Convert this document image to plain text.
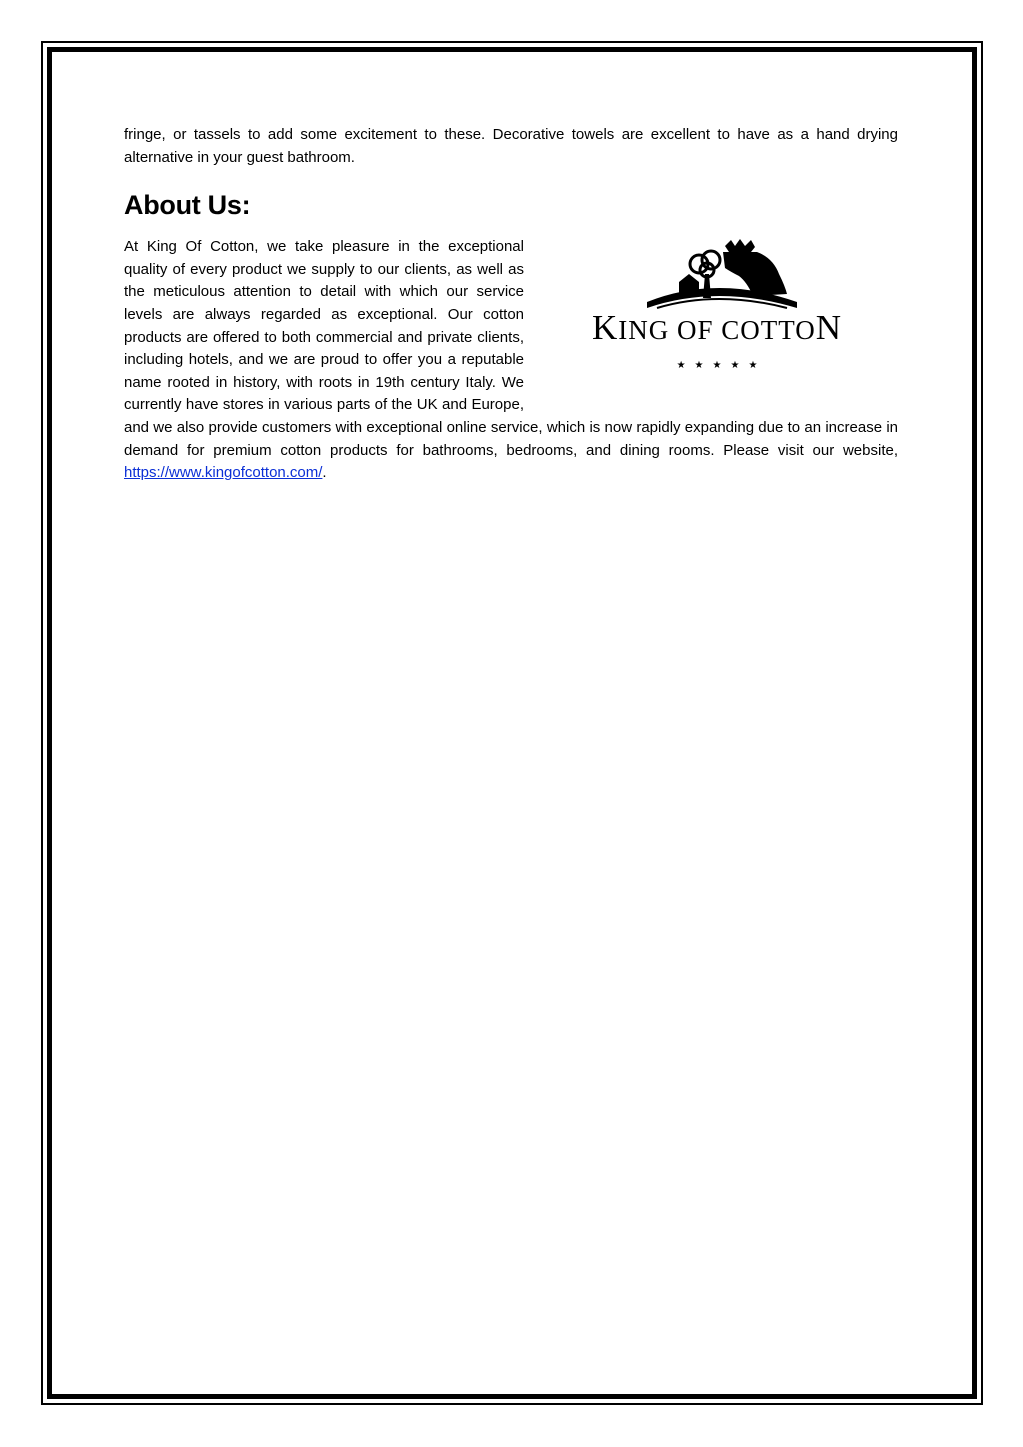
fringe, or tassels to add some excitement to these. Decorative towels are excellent to have as a hand drying alternative in your guest bathroom.

About Us:
KING OF COTTON
★★★★★

At King Of Cotton, we take pleasure in the exceptional quality of every product we supply to our clients, as well as the meticulous attention to detail with which our service levels are always regarded as exceptional. Our cotton products are offered to both commercial and private clients, including hotels, and we are proud to offer you a reputable name rooted in history, with roots in 19th century Italy. We currently have stores in various parts of the UK and Europe, and we also provide customers with exceptional online service, which is now rapidly expanding due to an increase in demand for premium cotton products for bathrooms, bedrooms, and dining rooms. Please visit our website, https://www.kingofcotton.com/.
